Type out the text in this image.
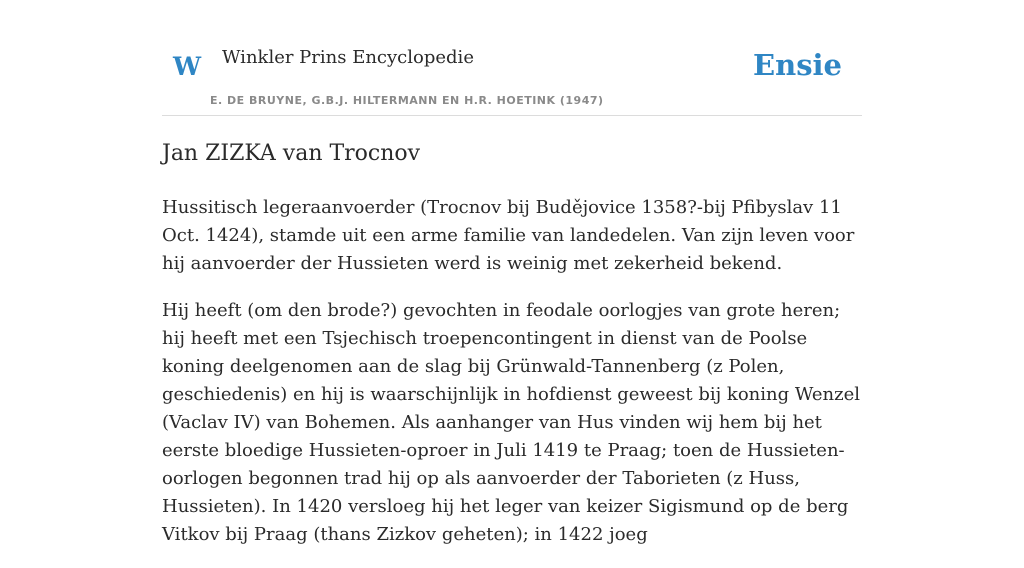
W Winkler Prins Encyclopedie
E. DE BRUYNE, G.B.J. HILTERMANN EN H.R. HOETINK (1947)
Ensie
Jan ZIZKA van Trocnov

Hussitisch legeraanvoerder (Trocnov bij Budějovice 1358?-bij Pfibyslav 11 Oct. 1424), stamde uit een arme familie van landedelen. Van zijn leven voor hij aanvoerder der Hussieten werd is weinig met zekerheid bekend.

Hij heeft (om den brode?) gevochten in feodale oorlogjes van grote heren; hij heeft met een Tsjechisch troepencontingent in dienst van de Poolse koning deelgenomen aan de slag bij Grünwald-Tannenberg (z Polen, geschiedenis) en hij is waarschijnlijk in hofdienst geweest bij koning Wenzel (Vaclav IV) van Bohemen. Als aanhanger van Hus vinden wij hem bij het eerste bloedige Hussieten-oproer in Juli 1419 te Praag; toen de Hussieten-oorlogen begonnen trad hij op als aanvoerder der Taborieten (z Huss, Hussieten). In 1420 versloeg hij het leger van keizer Sigismund op de berg Vitkov bij Praag (thans Zizkov geheten); in 1422 joeg
